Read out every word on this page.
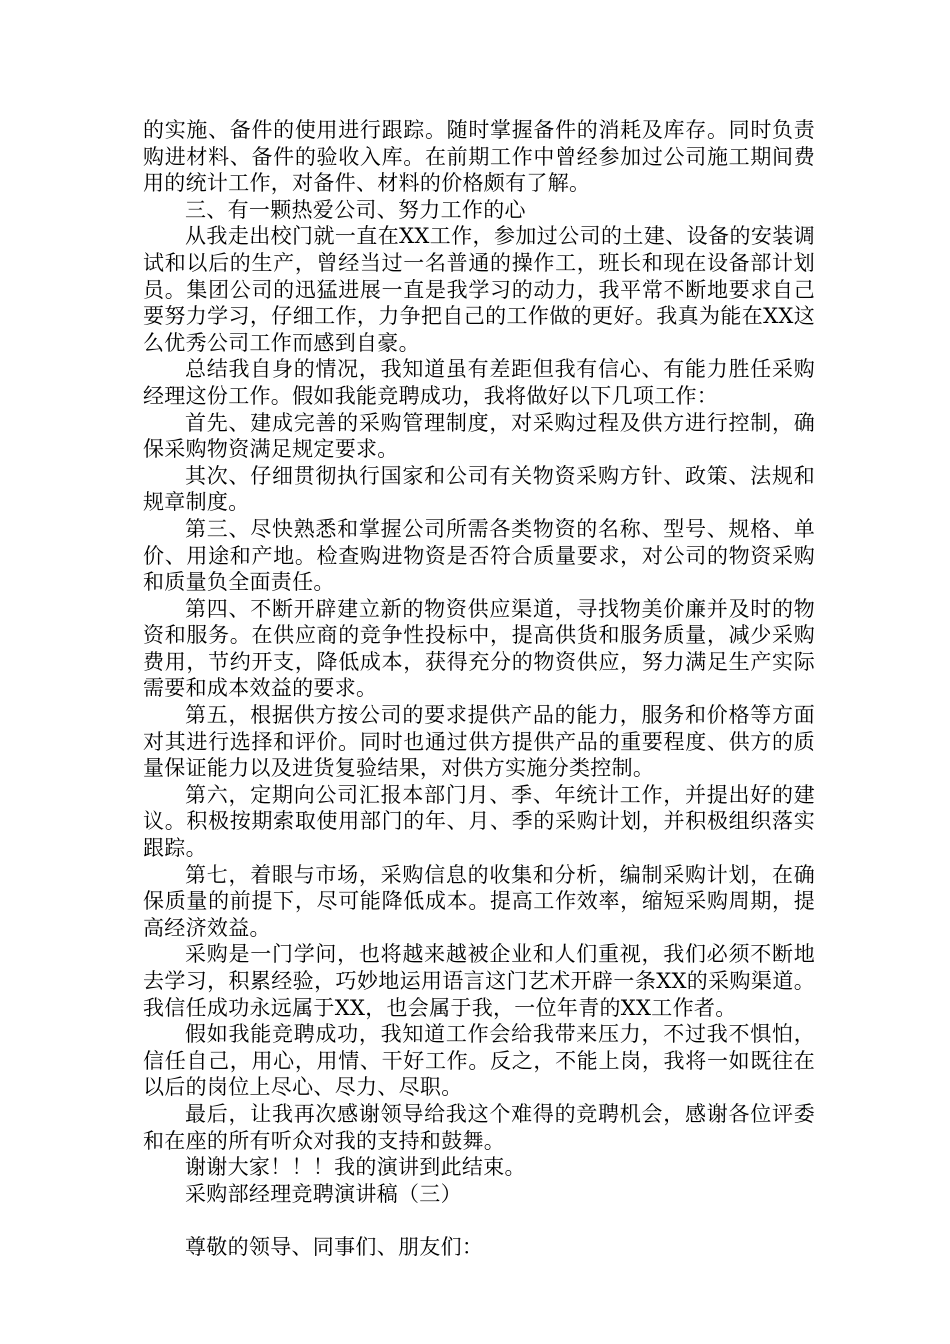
的实施、备件的使用进行跟踪。随时掌握备件的消耗及库存。同时负责购进材料、备件的验收入库。在前期工作中曾经参加过公司施工期间费用的统计工作，对备件、材料的价格颇有了解。

三、有一颗热爱公司、努力工作的心

从我走出校门就一直在XX工作，参加过公司的土建、设备的安装调试和以后的生产，曾经当过一名普通的操作工，班长和现在设备部计划员。集团公司的迅猛进展一直是我学习的动力，我平常不断地要求自己要努力学习，仔细工作，力争把自己的工作做的更好。我真为能在XX这么优秀公司工作而感到自豪。

总结我自身的情况，我知道虽有差距但我有信心、有能力胜任采购经理这份工作。假如我能竞聘成功，我将做好以下几项工作：

首先、建成完善的采购管理制度，对采购过程及供方进行控制，确保采购物资满足规定要求。

其次、仔细贯彻执行国家和公司有关物资采购方针、政策、法规和规章制度。

第三、尽快熟悉和掌握公司所需各类物资的名称、型号、规格、单价、用途和产地。检查购进物资是否符合质量要求，对公司的物资采购和质量负全面责任。

第四、不断开辟建立新的物资供应渠道，寻找物美价廉并及时的物资和服务。在供应商的竞争性投标中，提高供货和服务质量，减少采购费用，节约开支，降低成本，获得充分的物资供应，努力满足生产实际需要和成本效益的要求。

第五，根据供方按公司的要求提供产品的能力，服务和价格等方面对其进行选择和评价。同时也通过供方提供产品的重要程度、供方的质量保证能力以及进货复验结果，对供方实施分类控制。

第六，定期向公司汇报本部门月、季、年统计工作，并提出好的建议。积极按期索取使用部门的年、月、季的采购计划，并积极组织落实跟踪。

第七，着眼与市场，采购信息的收集和分析，编制采购计划，在确保质量的前提下，尽可能降低成本。提高工作效率，缩短采购周期，提高经济效益。

采购是一门学问，也将越来越被企业和人们重视，我们必须不断地去学习，积累经验，巧妙地运用语言这门艺术开辟一条XX的采购渠道。我信任成功永远属于XX，也会属于我，一位年青的XX工作者。

假如我能竞聘成功，我知道工作会给我带来压力，不过我不惧怕，信任自己，用心，用情、干好工作。反之，不能上岗，我将一如既往在以后的岗位上尽心、尽力、尽职。

最后，让我再次感谢领导给我这个难得的竞聘机会，感谢各位评委和在座的所有听众对我的支持和鼓舞。

谢谢大家！！！我的演讲到此结束。

采购部经理竞聘演讲稿（三）

尊敬的领导、同事们、朋友们：
